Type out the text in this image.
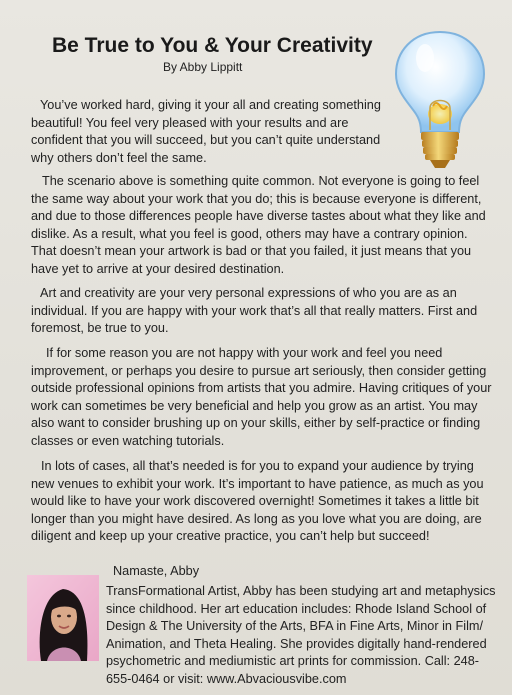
Be True to You & Your Creativity
By Abby Lippitt

You’ve worked hard, giving it your all and creating something beautiful! You feel very pleased with your results and are confident that you will succeed, but you can’t quite understand why others don’t feel the same.

The scenario above is something quite common. Not everyone is going to feel the same way about your work that you do; this is because everyone is different, and due to those differences people have diverse tastes about what they like and dislike. As a result, what you feel is good, others may have a contrary opinion. That doesn’t mean your artwork is bad or that you failed, it just means that you have yet to arrive at your desired destination.

Art and creativity are your very personal expressions of who you are as an individual. If you are happy with your work that’s all that really matters. First and foremost, be true to you.

If for some reason you are not happy with your work and feel you need improvement, or perhaps you desire to pursue art seriously, then consider getting outside professional opinions from artists that you admire. Having critiques of your work can sometimes be very beneficial and help you grow as an artist. You may also want to consider brushing up on your skills, either by self-practice or finding classes or even watching tutorials.

In lots of cases, all that’s needed is for you to expand your audience by trying new venues to exhibit your work. It’s important to have patience, as much as you would like to have your work discovered overnight! Sometimes it takes a little bit longer than you might have desired. As long as you love what you are doing, are diligent and keep up your creative practice, you can’t help but succeed!

Namaste, Abby

TransFormational Artist, Abby has been studying art and metaphysics since childhood. Her art education includes: Rhode Island School of Design & The University of the Arts, BFA in Fine Arts, Minor in Film/ Animation, and Theta Healing. She provides digitally hand-rendered psychometric and mediumistic art prints for commission. Call: 248-655-0464 or visit: www.Abvaciousvibe.com
